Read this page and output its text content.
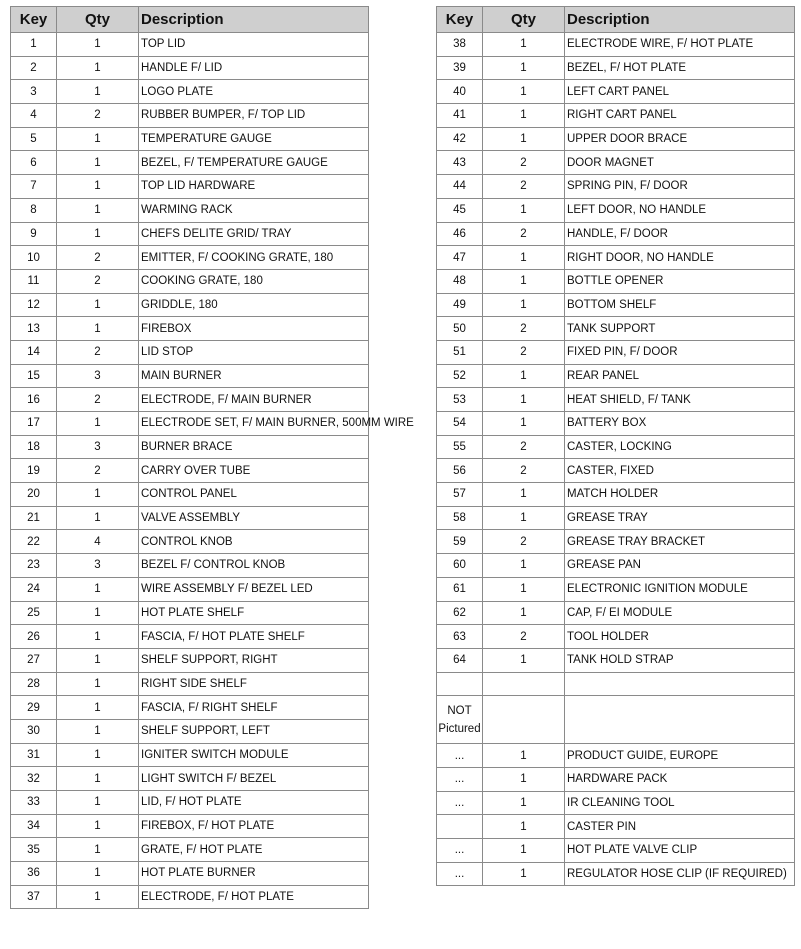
Key	Qty	Description
1	1	TOP LID
2	1	HANDLE F/ LID
3	1	LOGO PLATE
4	2	RUBBER BUMPER, F/ TOP LID
5	1	TEMPERATURE GAUGE
6	1	BEZEL, F/ TEMPERATURE GAUGE
7	1	TOP LID HARDWARE
8	1	WARMING RACK
9	1	CHEFS DELITE GRID/ TRAY
10	2	EMITTER, F/ COOKING GRATE, 180
11	2	COOKING GRATE, 180
12	1	GRIDDLE, 180
13	1	FIREBOX
14	2	LID STOP
15	3	MAIN BURNER
16	2	ELECTRODE, F/ MAIN BURNER
17	1	ELECTRODE SET, F/ MAIN BURNER, 500MM WIRE
18	3	BURNER BRACE
19	2	CARRY OVER TUBE
20	1	CONTROL PANEL
21	1	VALVE ASSEMBLY
22	4	CONTROL KNOB
23	3	BEZEL F/ CONTROL KNOB
24	1	WIRE ASSEMBLY F/ BEZEL LED
25	1	HOT PLATE SHELF
26	1	FASCIA, F/ HOT PLATE SHELF
27	1	SHELF SUPPORT, RIGHT
28	1	RIGHT SIDE SHELF
29	1	FASCIA, F/ RIGHT SHELF
30	1	SHELF SUPPORT, LEFT
31	1	IGNITER SWITCH MODULE
32	1	LIGHT SWITCH F/ BEZEL
33	1	LID, F/ HOT PLATE
34	1	FIREBOX, F/ HOT PLATE
35	1	GRATE, F/ HOT PLATE
36	1	HOT PLATE BURNER
37	1	ELECTRODE, F/ HOT PLATE
Key	Qty	Description
38	1	ELECTRODE WIRE, F/ HOT PLATE
39	1	BEZEL, F/ HOT PLATE
40	1	LEFT CART PANEL
41	1	RIGHT CART PANEL
42	1	UPPER DOOR BRACE
43	2	DOOR MAGNET
44	2	SPRING PIN, F/ DOOR
45	1	LEFT DOOR, NO HANDLE
46	2	HANDLE, F/ DOOR
47	1	RIGHT DOOR, NO HANDLE
48	1	BOTTLE OPENER
49	1	BOTTOM SHELF
50	2	TANK SUPPORT
51	2	FIXED PIN, F/ DOOR
52	1	REAR PANEL
53	1	HEAT SHIELD, F/ TANK
54	1	BATTERY BOX
55	2	CASTER, LOCKING
56	2	CASTER, FIXED
57	1	MATCH HOLDER
58	1	GREASE TRAY
59	2	GREASE TRAY BRACKET
60	1	GREASE PAN
61	1	ELECTRONIC IGNITION MODULE
62	1	CAP, F/ EI MODULE
63	2	TOOL HOLDER
64	1	TANK HOLD STRAP

NOT
Pictured		

...	1	PRODUCT GUIDE, EUROPE
...	1	HARDWARE PACK
...	1	IR CLEANING TOOL
	1	CASTER PIN
...	1	HOT PLATE VALVE CLIP
...	1	REGULATOR HOSE CLIP (IF REQUIRED)
